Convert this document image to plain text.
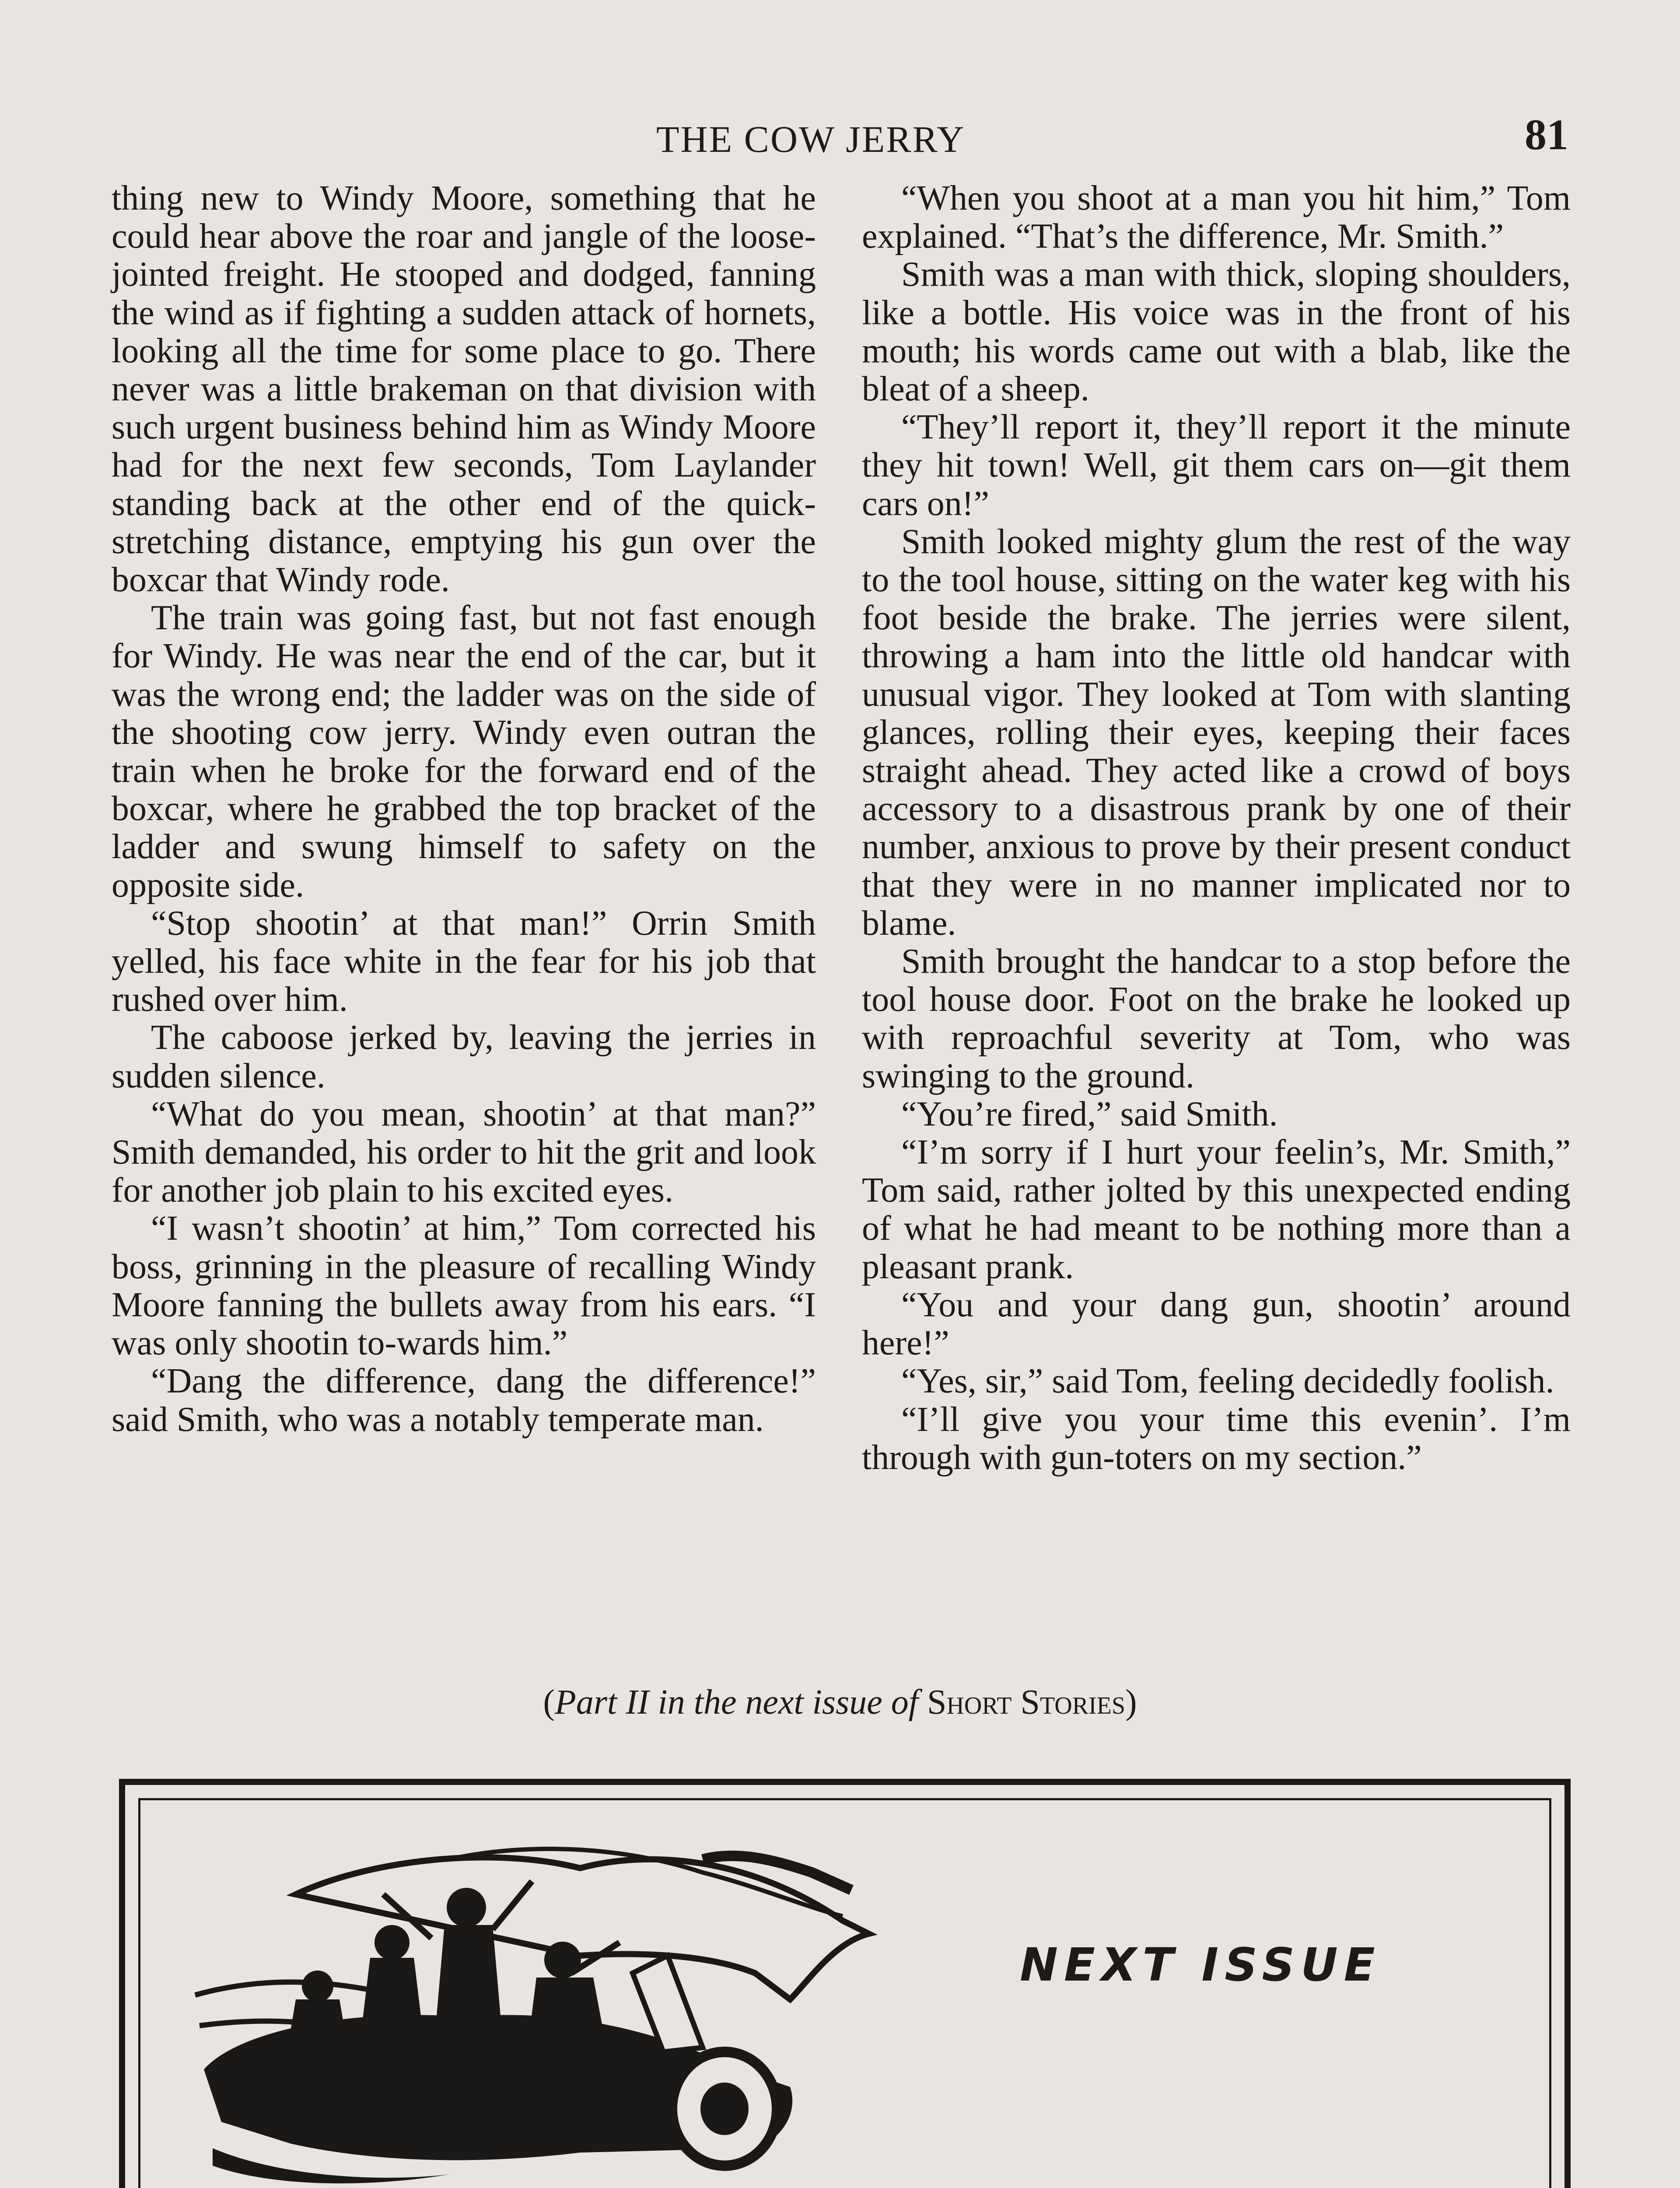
THE COW JERRY	81

thing new to Windy Moore, something that he could hear above the roar and jangle of the loose-jointed freight. He stooped and dodged, fanning the wind as if fighting a sudden attack of hornets, looking all the time for some place to go. There never was a little brakeman on that division with such urgent business behind him as Windy Moore had for the next few seconds, Tom Laylander standing back at the other end of the quick-stretching distance, emptying his gun over the boxcar that Windy rode.

The train was going fast, but not fast enough for Windy. He was near the end of the car, but it was the wrong end; the ladder was on the side of the shooting cow jerry. Windy even outran the train when he broke for the forward end of the boxcar, where he grabbed the top bracket of the ladder and swung himself to safety on the opposite side.

“Stop shootin’ at that man!” Orrin Smith yelled, his face white in the fear for his job that rushed over him.

The caboose jerked by, leaving the jerries in sudden silence.

“What do you mean, shootin’ at that man?” Smith demanded, his order to hit the grit and look for another job plain to his excited eyes.

“I wasn’t shootin’ at him,” Tom corrected his boss, grinning in the pleasure of recalling Windy Moore fanning the bullets away from his ears. “I was only shootin to-wards him.”

“Dang the difference, dang the difference!” said Smith, who was a notably temperate man.

“When you shoot at a man you hit him,” Tom explained. “That’s the difference, Mr. Smith.”

Smith was a man with thick, sloping shoulders, like a bottle. His voice was in the front of his mouth; his words came out with a blab, like the bleat of a sheep.

“They’ll report it, they’ll report it the minute they hit town! Well, git them cars on—git them cars on!”

Smith looked mighty glum the rest of the way to the tool house, sitting on the water keg with his foot beside the brake. The jerries were silent, throwing a ham into the little old handcar with unusual vigor. They looked at Tom with slanting glances, rolling their eyes, keeping their faces straight ahead. They acted like a crowd of boys accessory to a disastrous prank by one of their number, anxious to prove by their present conduct that they were in no manner implicated nor to blame.

Smith brought the handcar to a stop before the tool house door. Foot on the brake he looked up with reproachful severity at Tom, who was swinging to the ground.

“You’re fired,” said Smith.

“I’m sorry if I hurt your feelin’s, Mr. Smith,” Tom said, rather jolted by this unexpected ending of what he had meant to be nothing more than a pleasant prank.

“You and your dang gun, shootin’ around here!”

“Yes, sir,” said Tom, feeling decidedly foolish.

“I’ll give you your time this evenin’. I’m through with gun-toters on my section.”

(Part II in the next issue of Short Stories)
NEXT ISSUE
